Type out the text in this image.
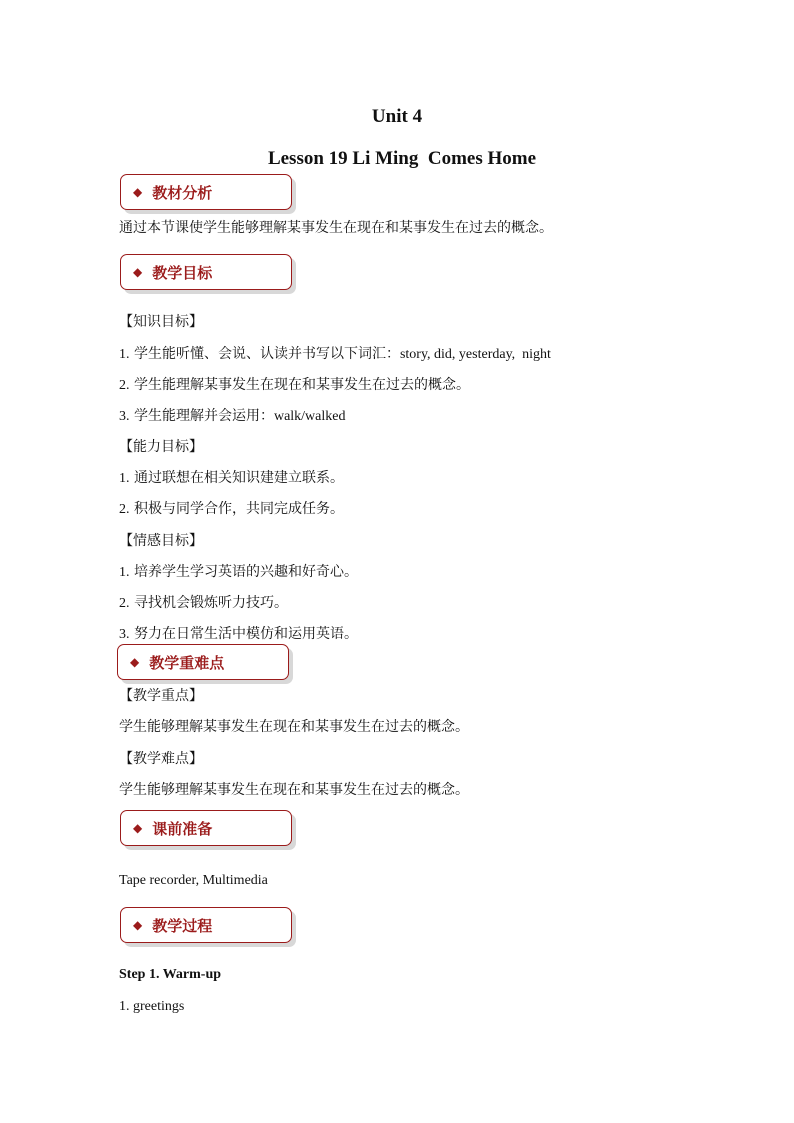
Unit 4
Lesson 19 Li Ming  Comes Home
◆ 教材分析
通过本节课使学生能够理解某事发生在现在和某事发生在过去的概念。
◆ 教学目标
【知识目标】
1. 学生能听懂、会说、认读并书写以下词汇：story, did, yesterday,  night
2. 学生能理解某事发生在现在和某事发生在过去的概念。
3. 学生能理解并会运用：walk/walked
【能力目标】
1. 通过联想在相关知识建建立联系。
2. 积极与同学合作，共同完成任务。
【情感目标】
1. 培养学生学习英语的兴趣和好奇心。
2. 寻找机会锻炼听力技巧。
3. 努力在日常生活中模仿和运用英语。
◆ 教学重难点
【教学重点】
学生能够理解某事发生在现在和某事发生在过去的概念。
【教学难点】
学生能够理解某事发生在现在和某事发生在过去的概念。
◆ 课前准备
Tape recorder, Multimedia
◆ 教学过程
Step 1. Warm-up
1. greetings
